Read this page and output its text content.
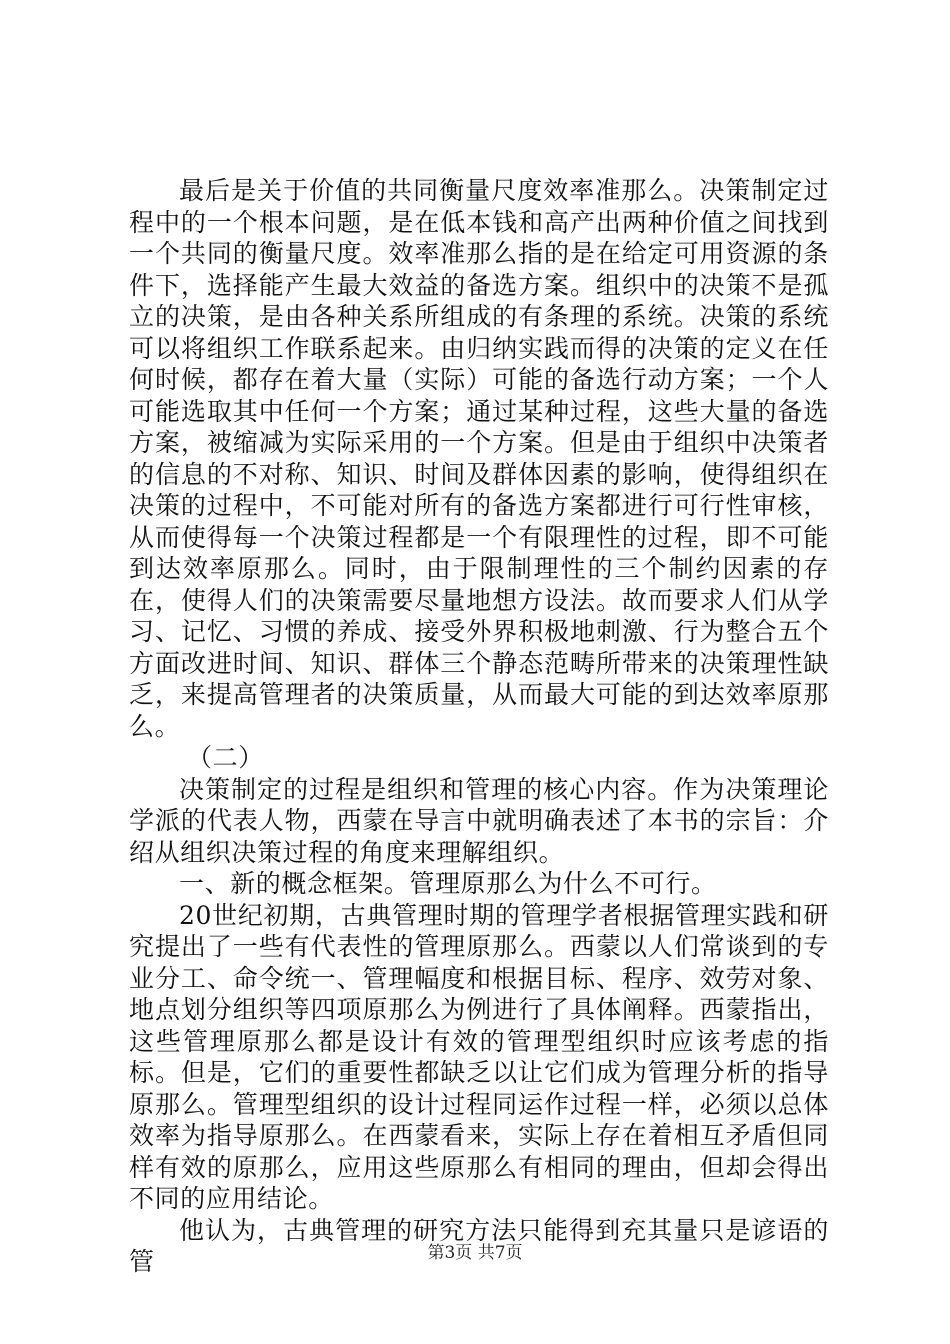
最后是关于价值的共同衡量尺度效率准那么。决策制定过程中的一个根本问题，是在低本钱和高产出两种价值之间找到一个共同的衡量尺度。效率准那么指的是在给定可用资源的条件下，选择能产生最大效益的备选方案。组织中的决策不是孤立的决策，是由各种关系所组成的有条理的系统。决策的系统可以将组织工作联系起来。由归纳实践而得的决策的定义在任何时候，都存在着大量（实际）可能的备选行动方案；一个人可能选取其中任何一个方案；通过某种过程，这些大量的备选方案，被缩减为实际采用的一个方案。但是由于组织中决策者的信息的不对称、知识、时间及群体因素的影响，使得组织在决策的过程中，不可能对所有的备选方案都进行可行性审核，从而使得每一个决策过程都是一个有限理性的过程，即不可能到达效率原那么。同时，由于限制理性的三个制约因素的存在，使得人们的决策需要尽量地想方设法。故而要求人们从学习、记忆、习惯的养成、接受外界积极地刺激、行为整合五个方面改进时间、知识、群体三个静态范畴所带来的决策理性缺乏，来提高管理者的决策质量，从而最大可能的到达效率原那么。

（二）

决策制定的过程是组织和管理的核心内容。作为决策理论学派的代表人物，西蒙在导言中就明确表述了本书的宗旨：介绍从组织决策过程的角度来理解组织。

一、新的概念框架。管理原那么为什么不可行。

20世纪初期，古典管理时期的管理学者根据管理实践和研究提出了一些有代表性的管理原那么。西蒙以人们常谈到的专业分工、命令统一、管理幅度和根据目标、程序、效劳对象、地点划分组织等四项原那么为例进行了具体阐释。西蒙指出，这些管理原那么都是设计有效的管理型组织时应该考虑的指标。但是，它们的重要性都缺乏以让它们成为管理分析的指导原那么。管理型组织的设计过程同运作过程一样，必须以总体效率为指导原那么。在西蒙看来，实际上存在着相互矛盾但同样有效的原那么，应用这些原那么有相同的理由，但却会得出不同的应用结论。

他认为，古典管理的研究方法只能得到充其量只是谚语的管	第3页 共7页
